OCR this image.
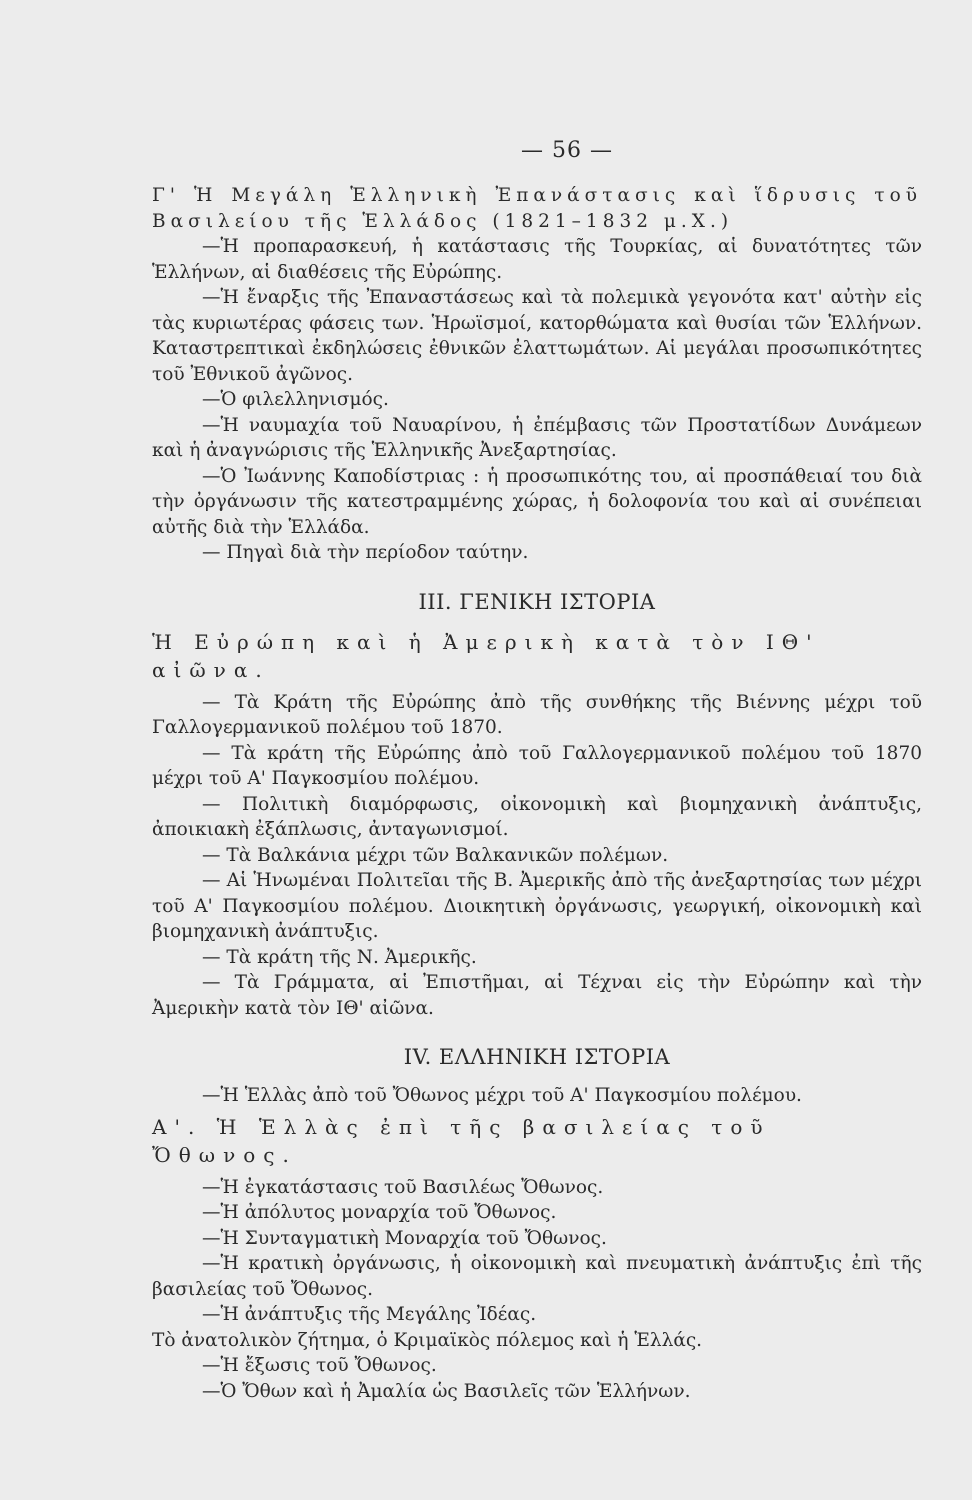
— 56 —

Γ' Ἡ Μεγάλη Ἑλληνικὴ Ἐπανάστασις καὶ ἵδρυσις τοῦ Βασιλείου τῆς Ἑλλάδος (1821–1832 μ.Χ.)

—Ἡ προπαρασκευή, ἡ κατάστασις τῆς Τουρκίας, αἱ δυνατότητες τῶν Ἑλλήνων, αἱ διαθέσεις τῆς Εὐρώπης.

—Ἡ ἔναρξις τῆς Ἐπαναστάσεως καὶ τὰ πολεμικὰ γεγονότα κατ' αὐτὴν εἰς τὰς κυριωτέρας φάσεις των. Ἡρωϊσμοί, κατορθώματα καὶ θυσίαι τῶν Ἑλλήνων. Καταστρεπτικαὶ ἐκδηλώσεις ἐθνικῶν ἐλαττωμάτων. Αἱ μεγάλαι προσωπικότητες τοῦ Ἐθνικοῦ ἀγῶνος.

—Ὁ φιλελληνισμός.

—Ἡ ναυμαχία τοῦ Ναυαρίνου, ἡ ἐπέμβασις τῶν Προστατίδων Δυνάμεων καὶ ἡ ἀναγνώρισις τῆς Ἑλληνικῆς Ἀνεξαρτησίας.

—Ὁ Ἰωάννης Καποδίστριας : ἡ προσωπικότης του, αἱ προσπάθειαί του διὰ τὴν ὀργάνωσιν τῆς κατεστραμμένης χώρας, ἡ δολοφονία του καὶ αἱ συνέπειαι αὐτῆς διὰ τὴν Ἑλλάδα.

— Πηγαὶ διὰ τὴν περίοδον ταύτην.

III. ΓΕΝΙΚΗ ΙΣΤΟΡΙΑ
Ἡ Εὐρώπη καὶ ἡ Ἀμερικὴ κατὰ τὸν ΙΘ' αἰῶνα.

— Τὰ Κράτη τῆς Εὐρώπης ἀπὸ τῆς συνθήκης τῆς Βιέννης μέχρι τοῦ Γαλλογερμανικοῦ πολέμου τοῦ 1870.

— Τὰ κράτη τῆς Εὐρώπης ἀπὸ τοῦ Γαλλογερμανικοῦ πολέμου τοῦ 1870 μέχρι τοῦ Α' Παγκοσμίου πολέμου.

— Πολιτικὴ διαμόρφωσις, οἰκονομικὴ καὶ βιομηχανικὴ ἀνάπτυξις, ἀποικιακὴ ἐξάπλωσις, ἀνταγωνισμοί.

— Τὰ Βαλκάνια μέχρι τῶν Βαλκανικῶν πολέμων.

— Αἱ Ἡνωμέναι Πολιτεῖαι τῆς Β. Ἀμερικῆς ἀπὸ τῆς ἀνεξαρτησίας των μέχρι τοῦ Α' Παγκοσμίου πολέμου. Διοικητικὴ ὀργάνωσις, γεωργική, οἰκονομικὴ καὶ βιομηχανικὴ ἀνάπτυξις.

— Τὰ κράτη τῆς Ν. Ἀμερικῆς.

— Τὰ Γράμματα, αἱ Ἐπιστῆμαι, αἱ Τέχναι εἰς τὴν Εὐρώπην καὶ τὴν Ἀμερικὴν κατὰ τὸν ΙΘ' αἰῶνα.

IV. ΕΛΛΗΝΙΚΗ ΙΣΤΟΡΙΑ

—Ἡ Ἑλλὰς ἀπὸ τοῦ Ὄθωνος μέχρι τοῦ Α' Παγκοσμίου πολέμου.

Α'. Ἡ Ἑλλὰς ἐπὶ τῆς βασιλείας τοῦ Ὄθωνος.

—Ἡ ἐγκατάστασις τοῦ Βασιλέως Ὄθωνος.

—Ἡ ἀπόλυτος μοναρχία τοῦ Ὄθωνος.

—Ἡ Συνταγματικὴ Μοναρχία τοῦ Ὄθωνος.

—Ἡ κρατικὴ ὀργάνωσις, ἡ οἰκονομικὴ καὶ πνευματικὴ ἀνάπτυξις ἐπὶ τῆς βασιλείας τοῦ Ὄθωνος.

—Ἡ ἀνάπτυξις τῆς Μεγάλης Ἰδέας.

Τὸ ἀνατολικὸν ζήτημα, ὁ Κριμαϊκὸς πόλεμος καὶ ἡ Ἑλλάς.

—Ἡ ἔξωσις τοῦ Ὄθωνος.

—Ὁ Ὄθων καὶ ἡ Ἀμαλία ὡς Βασιλεῖς τῶν Ἑλλήνων.
